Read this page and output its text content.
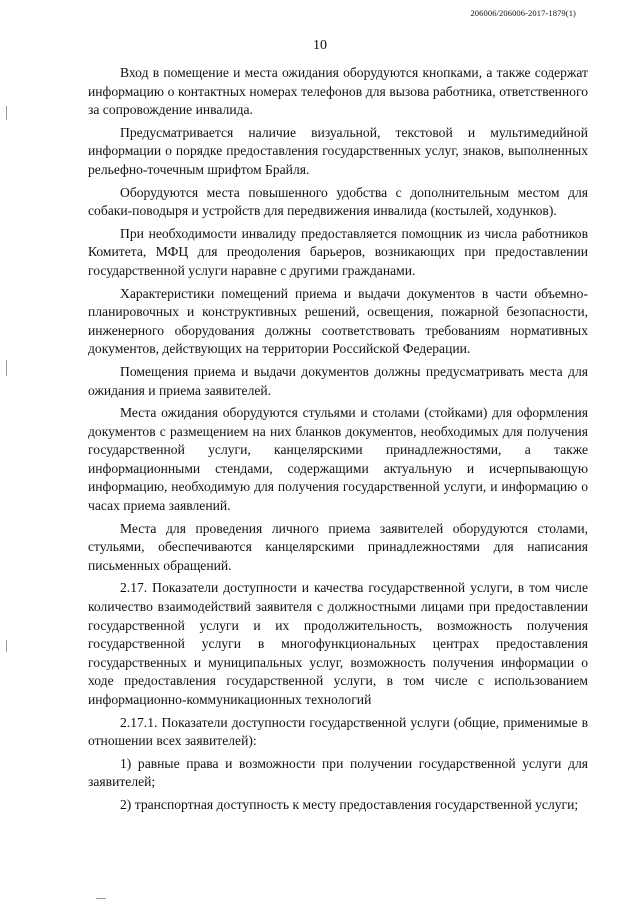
206006/206006-2017-1879(1)
10

Вход в помещение и места ожидания оборудуются кнопками, а также содержат информацию о контактных номерах телефонов для вызова работника, ответственного за сопровождение инвалида.

Предусматривается наличие визуальной, текстовой и мультимедийной информации о порядке предоставления государственных услуг, знаков, выполненных рельефно-точечным шрифтом Брайля.

Оборудуются места повышенного удобства с дополнительным местом для собаки-поводыря и устройств для передвижения инвалида (костылей, ходунков).

При необходимости инвалиду предоставляется помощник из числа работников Комитета, МФЦ для преодоления барьеров, возникающих при предоставлении государственной услуги наравне с другими гражданами.

Характеристики помещений приема и выдачи документов в части объемно-планировочных и конструктивных решений, освещения, пожарной безопасности, инженерного оборудования должны соответствовать требованиям нормативных документов, действующих на территории Российской Федерации.

Помещения приема и выдачи документов должны предусматривать места для ожидания и приема заявителей.

Места ожидания оборудуются стульями и столами (стойками) для оформления документов с размещением на них бланков документов, необходимых для получения государственной услуги, канцелярскими принадлежностями, а также информационными стендами, содержащими актуальную и исчерпывающую информацию, необходимую для получения государственной услуги, и информацию о часах приема заявлений.

Места для проведения личного приема заявителей оборудуются столами, стульями, обеспечиваются канцелярскими принадлежностями для написания письменных обращений.

2.17. Показатели доступности и качества государственной услуги, в том числе количество взаимодействий заявителя с должностными лицами при предоставлении государственной услуги и их продолжительность, возможность получения государственной услуги в многофункциональных центрах предоставления государственных и муниципальных услуг, возможность получения информации о ходе предоставления государственной услуги, в том числе с использованием информационно-коммуникационных технологий

2.17.1. Показатели доступности государственной услуги (общие, применимые в отношении всех заявителей):

1) равные права и возможности при получении государственной услуги для заявителей;

2) транспортная доступность к месту предоставления государственной услуги;
